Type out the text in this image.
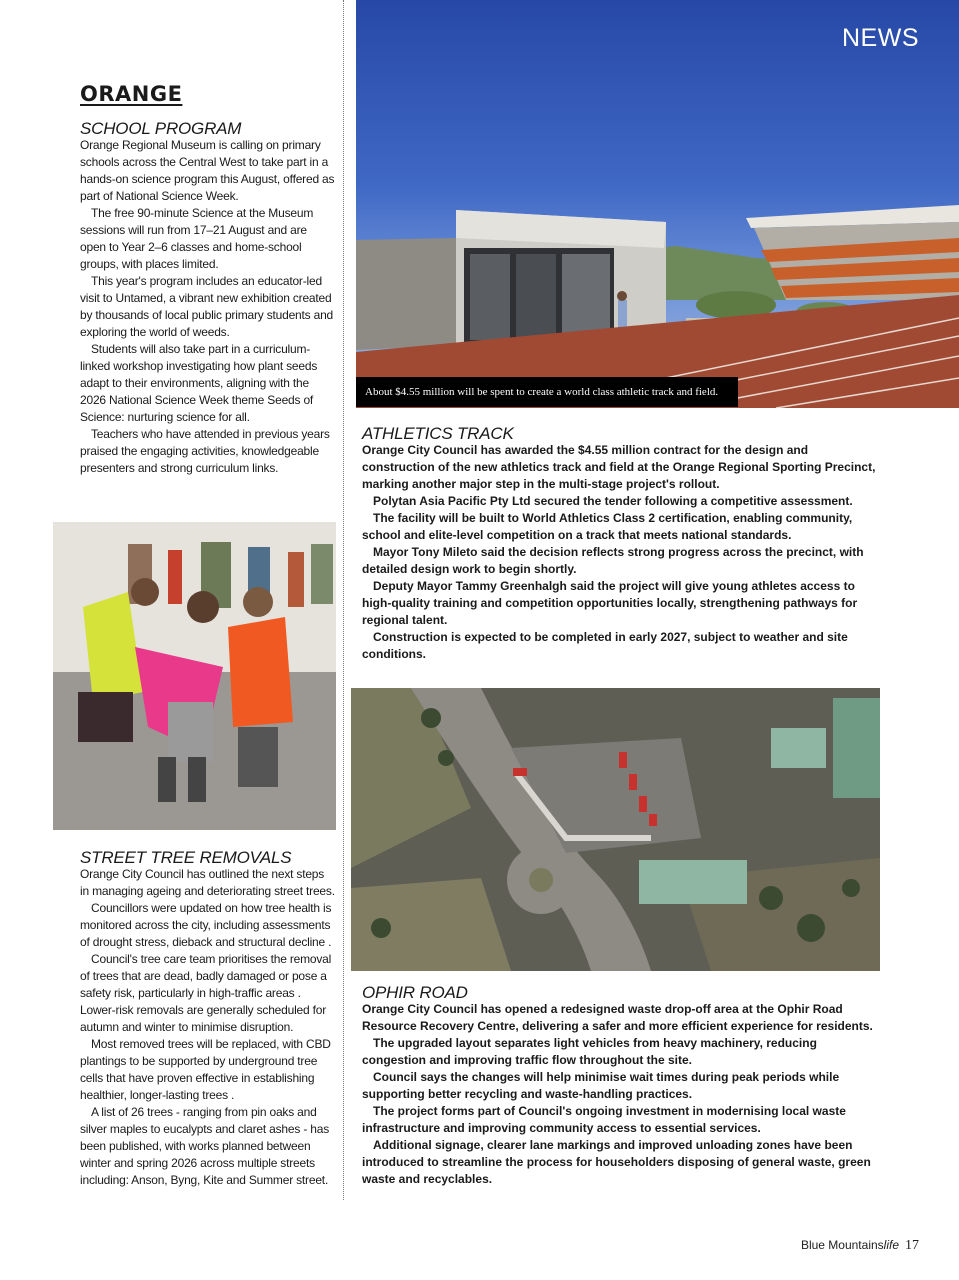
NEWS
About $4.55 million will be spent to create a world class athletic track and field.
ORANGE
SCHOOL PROGRAM

Orange Regional Museum is calling on primary schools across the Central West to take part in a hands-on science program this August, offered as part of National Science Week.

The free 90-minute Science at the Museum sessions will run from 17–21 August and are open to Year 2–6 classes and home-school groups, with places limited.

This year's program includes an educator-led visit to Untamed, a vibrant new exhibition created by thousands of local public primary students and exploring the world of weeds.

Students will also take part in a curriculum-linked workshop investigating how plant seeds adapt to their environments, aligning with the 2026 National Science Week theme Seeds of Science: nurturing science for all.

Teachers who have attended in previous years praised the engaging activities, knowledgeable presenters and strong curriculum links.

STREET TREE REMOVALS

Orange City Council has outlined the next steps in managing ageing and deteriorating street trees.

Councillors were updated on how tree health is monitored across the city, including assessments of drought stress, dieback and structural decline .

Council's tree care team prioritises the removal of trees that are dead, badly damaged or pose a safety risk, particularly in high-traffic areas . Lower-risk removals are generally scheduled for autumn and winter to minimise disruption.

Most removed trees will be replaced, with CBD plantings to be supported by underground tree cells that have proven effective in establishing healthier, longer-lasting trees .

A list of 26 trees - ranging from pin oaks and silver maples to eucalypts and claret ashes - has been published, with works planned between winter and spring 2026 across multiple streets including: Anson, Byng, Kite and Summer street.

ATHLETICS TRACK

Orange City Council has awarded the $4.55 million contract for the design and construction of the new athletics track and field at the Orange Regional Sporting Precinct, marking another major step in the multi-stage project's rollout.

Polytan Asia Pacific Pty Ltd secured the tender following a competitive assessment.

The facility will be built to World Athletics Class 2 certification, enabling community, school and elite-level competition on a track that meets national standards.

Mayor Tony Mileto said the decision reflects strong progress across the precinct, with detailed design work to begin shortly.

Deputy Mayor Tammy Greenhalgh said the project will give young athletes access to high-quality training and competition opportunities locally, strengthening pathways for regional talent.

Construction is expected to be completed in early 2027, subject to weather and site conditions.

OPHIR ROAD

Orange City Council has opened a redesigned waste drop-off area at the Ophir Road Resource Recovery Centre, delivering a safer and more efficient experience for residents.

The upgraded layout separates light vehicles from heavy machinery, reducing congestion and improving traffic flow throughout the site.

Council says the changes will help minimise wait times during peak periods while supporting better recycling and waste-handling practices.

The project forms part of Council's ongoing investment in modernising local waste infrastructure and improving community access to essential services.

Additional signage, clearer lane markings and improved unloading zones have been introduced to streamline the process for householders disposing of general waste, green waste and recyclables.

Blue Mountainslife 17
